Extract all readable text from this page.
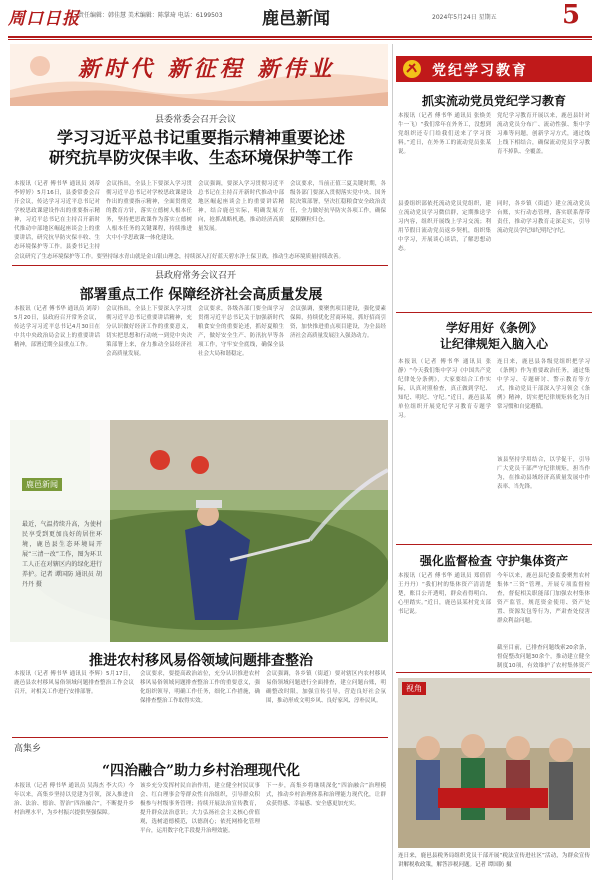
周口日报
责任编辑：韩佳慧 美术编辑：陈掌琦 电话：6199503 鹿邑新闻	2024年5月24日 星期五	5
新时代 新征程 新伟业
县委常委会召开会议
学习习近平总书记重要指示精神重要论述
研究抗旱防灾保丰收、生态环境保护等工作
本报讯（记者 傅书华 通讯员 刘蒂 李婷婷）5月16日，县委常委会召开会议，传达学习习近平总书记对学校思政课建设作出的重要指示精神，习近平总书记在主持召开新时代推动中部地区崛起座谈会上的重要讲话，研究抗旱防灾保丰收、生态环境保护等工作。县委书记主持
会议指出，全县上下要深入学习贯彻习近平总书记对学校思政课建设作出的重要指示精神，全面贯彻党的教育方针，落实立德树人根本任务，坚持把思政课作为落实立德树人根本任务的关键课程，持续推进大中小学思政课一体化建设。
会议强调，要深入学习贯彻习近平总书记在主持召开新时代推动中部地区崛起座谈会上的重要讲话精神，结合鹿邑实际，明确发展方向，抢抓战略机遇，推动经济高质量发展。
会议要求，当前正值三夏关键时期，各级各部门要深入贯彻落实党中央、国务院决策部署，坚决扛稳粮食安全政治责任，全力做好抗旱防灾各项工作，确保夏粮颗粒归仓。
会议研究了生态环境保护等工作。要坚持绿水青山就是金山银山理念，持续深入打好蓝天碧水净土保卫战，推动生态环境质量持续改善。
县政府常务会议召开
部署重点工作 保障经济社会高质量发展
本报讯（记者 傅书华 通讯员 刘蒂）5月20日，县政府召开常务会议，传达学习习近平总书记4月30日在中共中央政治局会议上的重要讲话精神，部署近期全县重点工作。
会议指出，全县上下要深入学习贯彻习近平总书记重要讲话精神，充分认识做好经济工作的重要意义，切实把思想和行动统一到党中央决策部署上来，奋力推动全县经济社会高质量发展。
会议要求，各级各部门要全面学习贯彻习近平总书记关于加强新时代粮食安全的重要论述，抓好夏粮生产，做好安全生产、防汛抗旱等各项工作，守牢安全底线，确保全县社会大局和谐稳定。
会议强调，要聚焦项目建设，强化要素保障，持续优化营商环境，抓好招商引资，加快推进重点项目建设，为全县经济社会高质量发展注入强劲动力。
鹿邑新闻
最近，气温持续升高，为使村民享受到更加良好的居住环境，鹿邑县生态环境局开展“三清一改”工作，图为环卫工人正在对辖区内的绿化进行养护。记者 谭国防 通讯员 胡丹丹 摄
推进农村移风易俗领域问题排查整治
本报讯（记者 傅书华 通讯员 李辉）5月17日，鹿邑县农村移风易俗领域问题排查整治工作会议召开，对相关工作进行安排部署。
会议要求，要提高政治站位，充分认识推进农村移风易俗领域问题排查整治工作的重要意义，强化组织领导，明确工作任务，细化工作措施，确保排查整治工作取得实效。
会议强调，各乡镇（街道）要对辖区内农村移风易俗领域问题进行全面排查，建立问题台账，明确整改时限，加强宣传引导，营造良好社会氛围，推动形成文明乡风、良好家风、淳朴民风。
高集乡
“四治融合”助力乡村治理现代化
本报讯（记者 傅书华 通讯员 吴海杰 李大兵）今年以来，高集乡坚持以党建为引领，深入推进自治、法治、德治、智治“四治融合”，不断提升乡村治理水平，为乡村振兴提供坚强保障。
该乡充分发挥村民自治作用，建立健全村民议事会、红白理事会等群众性自治组织，引导群众积极参与村级事务管理；持续开展法治宣传教育，提升群众法治意识；大力弘扬社会主义核心价值观，选树道德模范，以德润心；依托网格化管理平台，运用数字化手段提升治理效能。
下一步，高集乡将继续深化“四治融合”治理模式，推动乡村治理体系和治理能力现代化，让群众获得感、幸福感、安全感更加充实。
党纪学习教育
抓实流动党员党纪学习教育
本报讯（记者 傅书华 通讯员 张焕美 牛一飞）“我们常年在外务工，没想到党组织还专门给我们送来了学习资料。”近日，在外务工的流动党员张某说。
党纪学习教育开展以来，鹿邑县针对流动党员分布广、流动性强、集中学习难等问题，创新学习方式，通过线上线下相结合，确保流动党员学习教育不掉队、全覆盖。
县委组织部依托流动党员党组织，建立流动党员学习微信群，定期推送学习内容，组织开展线上学习交流；利用节假日流动党员返乡契机，组织集中学习，开展谈心谈话，了解思想动态。
同时，各乡镇（街道）建立流动党员台账，实行动态管理，落实联系帮带责任，推动学习教育走深走实，引导流动党员学纪知纪明纪守纪。
学好用好《条例》
让纪律规矩入脑入心
本报讯（记者 傅书华 通讯员 张静）“今天我们集中学习《中国共产党纪律处分条例》，大家要结合工作实际，认真对照检查，真正做到学纪、知纪、明纪、守纪。”近日，鹿邑县某单位组织开展党纪学习教育专题学习。
连日来，鹿邑县各级党组织把学习《条例》作为重要政治任务，通过集中学习、专题研讨、警示教育等方式，推动党员干部深入学习领会《条例》精神，切实把纪律规矩转化为日常习惯和自觉遵循。
该县坚持学用结合，以学促干，引导广大党员干部严守纪律规矩，担当作为，在推动县域经济高质量发展中作表率、当先锋。
强化监督检查 守护集体资产
本报讯（记者 傅书华 通讯员 郑倩倩 王丹丹）“我们村的集体资产清清楚楚，账目公开透明，群众看得明白、心里踏实。”近日，鹿邑县某村党支部书记说。
今年以来，鹿邑县纪委监委聚焦农村集体“三资”管理，开展专项监督检查，督促相关职能部门加强农村集体资产监管，规范资金使用、资产处置、资源发包等行为，严肃查处侵害群众利益问题。
截至目前，已排查问题线索20余条，督促整改问题30余个，推动建立健全制度10项，有效维护了农村集体资产
视角
连日来，鹿邑县税务局组织党员干部开展“税法宣传进社区”活动，为群众宣传讲解税收政策，解答涉税问题。记者 谭国防 摄
